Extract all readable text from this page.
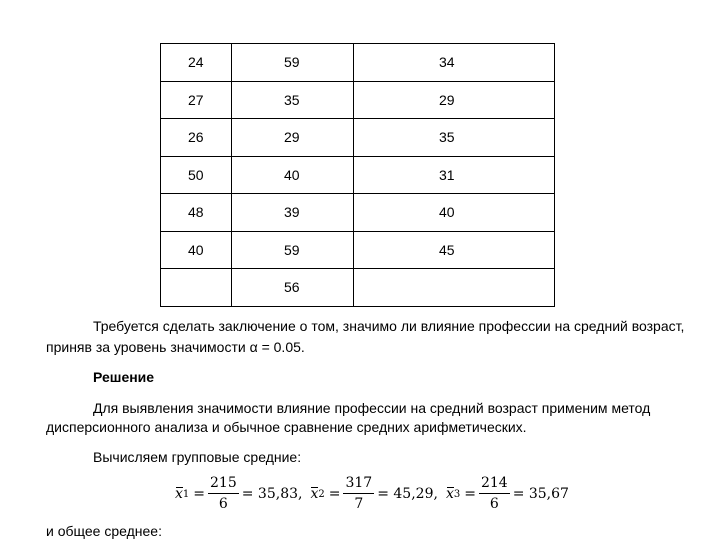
24	59	34
27	35	29
26	29	35
50	40	31
48	39	40
40	59	45
	56	
Требуется сделать заключение о том, значимо ли влияние профессии на средний возраст,
приняв за уровень значимости α = 0.05.
Решение
Для выявления значимости влияние профессии на средний возраст применим метод
дисперсионного анализа и обычное сравнение средних арифметических.
Вычисляем групповые средние:
x $1 = \frac{215}{6} = 35,83$, x $2 = \frac{317}{7} = 45,29$, x $3 = \frac{214}{6} = 35,67$
и общее среднее:
